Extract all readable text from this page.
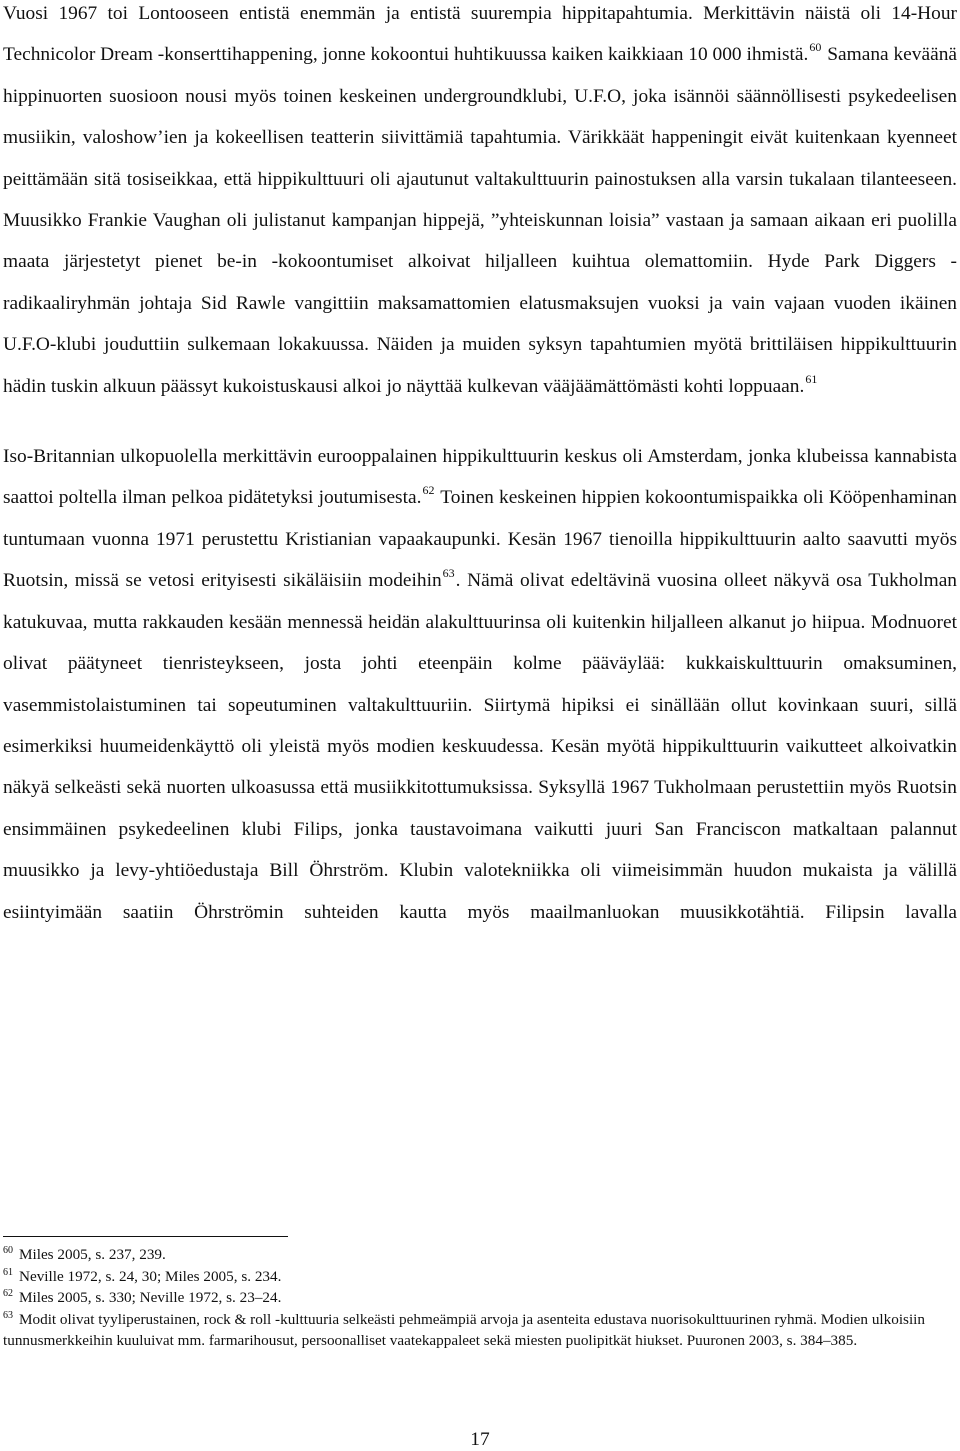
Vuosi 1967 toi Lontooseen entistä enemmän ja entistä suurempia hippitapahtumia. Merkittävin näistä oli 14-Hour Technicolor Dream -konserttihappening, jonne kokoontui huhtikuussa kaiken kaikkiaan 10 000 ihmistä.$^{60}$ Samana keväänä hippinuorten suosioon nousi myös toinen keskeinen undergroundklubi, U.F.O, joka isännöi säännöllisesti psykedeelisen musiikin, valoshow’ien ja kokeellisen teatterin siivittämiä tapahtumia. Värikkäät happeningit eivät kuitenkaan kyenneet peittämään sitä tosiseikkaa, että hippikulttuuri oli ajautunut valtakulttuurin painostuksen alla varsin tukalaan tilanteeseen. Muusikko Frankie Vaughan oli julistanut kampanjan hippejä, ”yhteiskunnan loisia” vastaan ja samaan aikaan eri puolilla maata järjestetyt pienet be-in -kokoontumiset alkoivat hiljalleen kuihtua olemattomiin. Hyde Park Diggers -radikaaliryhmän johtaja Sid Rawle vangittiin maksamattomien elatusmaksujen vuoksi ja vain vajaan vuoden ikäinen U.F.O-klubi jouduttiin sulkemaan lokakuussa. Näiden ja muiden syksyn tapahtumien myötä brittiläisen hippikulttuurin hädin tuskin alkuun päässyt kukoistuskausi alkoi jo näyttää kulkevan vääjäämättömästi kohti loppuaan.$^{61}$

Iso-Britannian ulkopuolella merkittävin eurooppalainen hippikulttuurin keskus oli Amsterdam, jonka klubeissa kannabista saattoi poltella ilman pelkoa pidätetyksi joutumisesta.$^{62}$ Toinen keskeinen hippien kokoontumispaikka oli Kööpenhaminan tuntumaan vuonna 1971 perustettu Kristianian vapaakaupunki. Kesän 1967 tienoilla hippikulttuurin aalto saavutti myös Ruotsin, missä se vetosi erityisesti sikäläisiin modeihin$^{63}$. Nämä olivat edeltävinä vuosina olleet näkyvä osa Tukholman katukuvaa, mutta rakkauden kesään mennessä heidän alakulttuurinsa oli kuitenkin hiljalleen alkanut jo hiipua. Modnuoret olivat päätyneet tienristeykseen, josta johti eteenpäin kolme pääväylää: kukkaiskulttuurin omaksuminen, vasemmistolaistuminen tai sopeutuminen valtakulttuuriin. Siirtymä hipiksi ei sinällään ollut kovinkaan suuri, sillä esimerkiksi huumeidenkäyttö oli yleistä myös modien keskuudessa. Kesän myötä hippikulttuurin vaikutteet alkoivatkin näkyä selkeästi sekä nuorten ulkoasussa että musiikkitottumuksissa. Syksyllä 1967 Tukholmaan perustettiin myös Ruotsin ensimmäinen psykedeelinen klubi Filips, jonka taustavoimana vaikutti juuri San Franciscon matkaltaan palannut muusikko ja levy-yhtiöedustaja Bill Öhrström. Klubin valotekniikka oli viimeisimmän huudon mukaista ja välillä esiintyimään saatiin Öhrströmin suhteiden kautta myös maailmanluokan muusikkotähtiä. Filipsin lavalla

$^{60}$ Miles 2005, s. 237, 239.

$^{61}$ Neville 1972, s. 24, 30; Miles 2005, s. 234.

$^{62}$ Miles 2005, s. 330; Neville 1972, s. 23–24.

$^{63}$ Modit olivat tyyliperustainen, rock & roll -kulttuuria selkeästi pehmeämpiä arvoja ja asenteita edustava nuorisokulttuurinen ryhmä. Modien ulkoisiin tunnusmerkkeihin kuuluivat mm. farmarihousut, persoonalliset vaatekappaleet sekä miesten puolipitkät hiukset. Puuronen 2003, s. 384–385.

17
